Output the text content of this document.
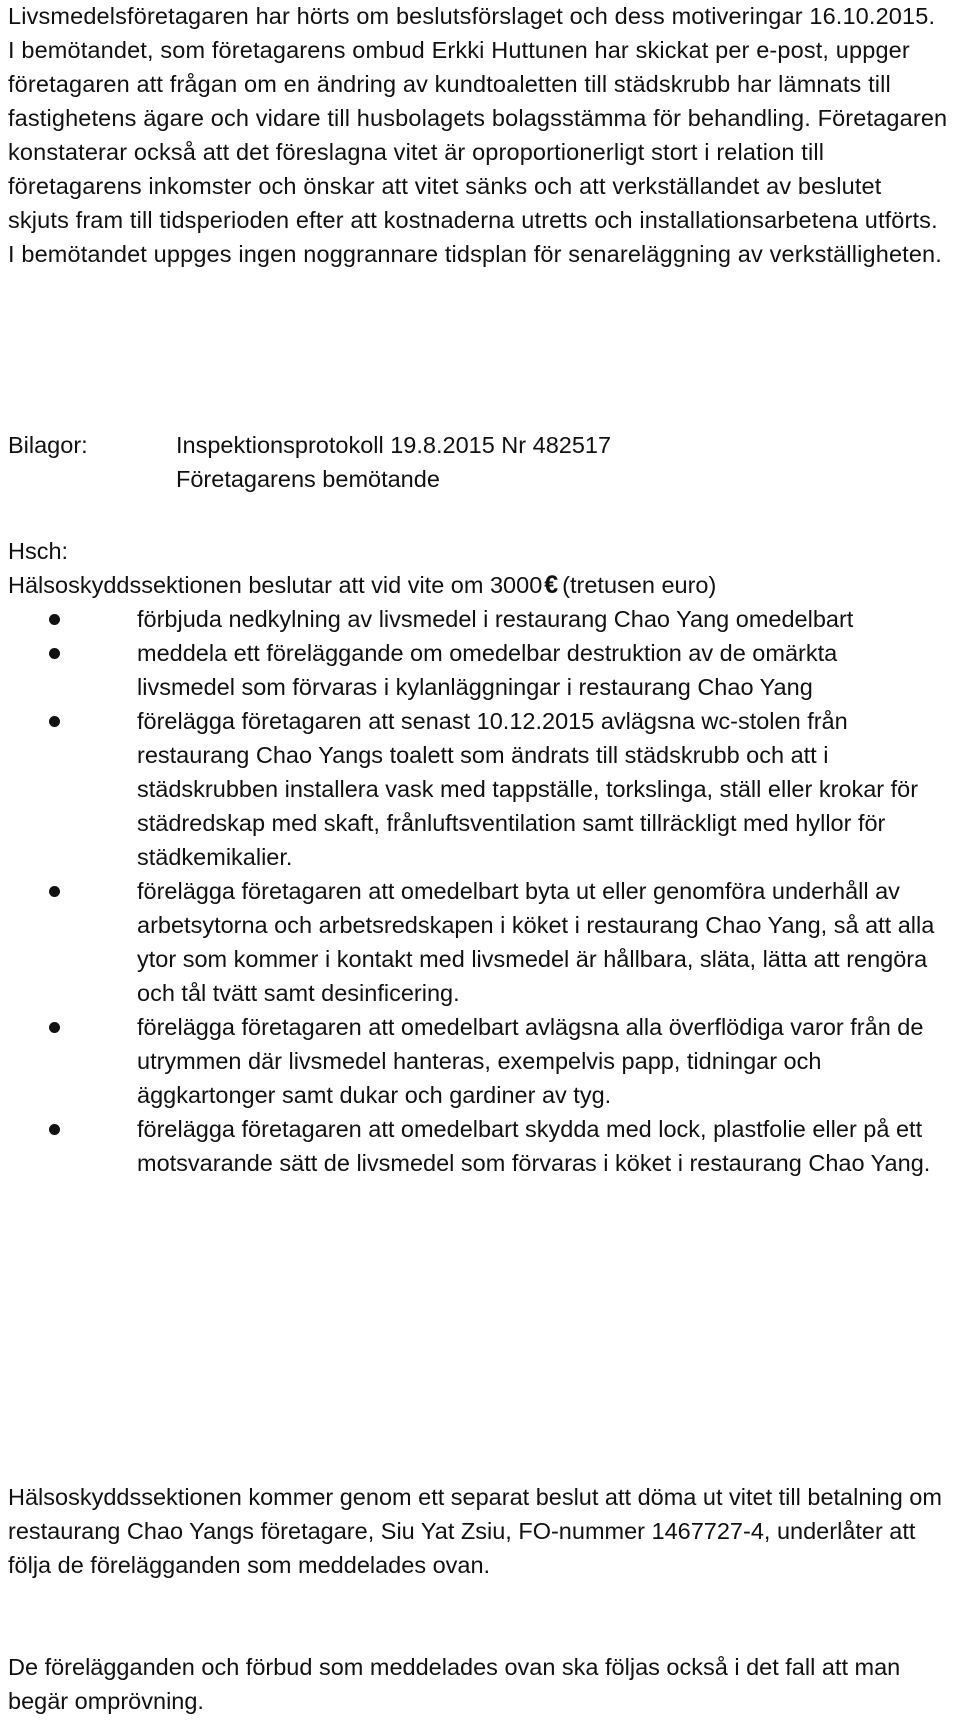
Livsmedelsföretagaren har hörts om beslutsförslaget och dess motiveringar 16.10.2015. I bemötandet, som företagarens ombud Erkki Huttunen har skickat per e-post, uppger företagaren att frågan om en ändring av kundtoaletten till städskrubb har lämnats till fastighetens ägare och vidare till husbolagets bolagsstämma för behandling. Företagaren konstaterar också att det föreslagna vitet är oproportionerligt stort i relation till företagarens inkomster och önskar att vitet sänks och att verkställandet av beslutet skjuts fram till tidsperioden efter att kostnaderna utretts och installationsarbetena utförts. I bemötandet uppges ingen noggrannare tidsplan för senareläggning av verkställigheten.

Bilagor:	Inspektionsprotokoll 19.8.2015 Nr 482517
Företagarens bemötande

Hsch:

Hälsoskyddssektionen beslutar att vid vite om 3000€ (tretusen euro)

förbjuda nedkylning av livsmedel i restaurang Chao Yang omedelbart
meddela ett föreläggande om omedelbar destruktion av de omärkta livsmedel som förvaras i kylanläggningar i restaurang Chao Yang
förelägga företagaren att senast 10.12.2015 avlägsna wc-stolen från restaurang Chao Yangs toalett som ändrats till städskrubb och att i städskrubben installera vask med tappställe, torkslinga, ställ eller krokar för städredskap med skaft, frånluftsventilation samt tillräckligt med hyllor för städkemikalier.
förelägga företagaren att omedelbart byta ut eller genomföra underhåll av arbetsytorna och arbetsredskapen i köket i restaurang Chao Yang, så att alla ytor som kommer i kontakt med livsmedel är hållbara, släta, lätta att rengöra och tål tvätt samt desinficering.
förelägga företagaren att omedelbart avlägsna alla överflödiga varor från de utrymmen där livsmedel hanteras, exempelvis papp, tidningar och äggkartonger samt dukar och gardiner av tyg.
förelägga företagaren att omedelbart skydda med lock, plastfolie eller på ett motsvarande sätt de livsmedel som förvaras i köket i restaurang Chao Yang.

Hälsoskyddssektionen kommer genom ett separat beslut att döma ut vitet till betalning om restaurang Chao Yangs företagare, Siu Yat Zsiu, FO-nummer 1467727-4, underlåter att följa de förelägganden som meddelades ovan.

De förelägganden och förbud som meddelades ovan ska följas också i det fall att man begär omprövning.
